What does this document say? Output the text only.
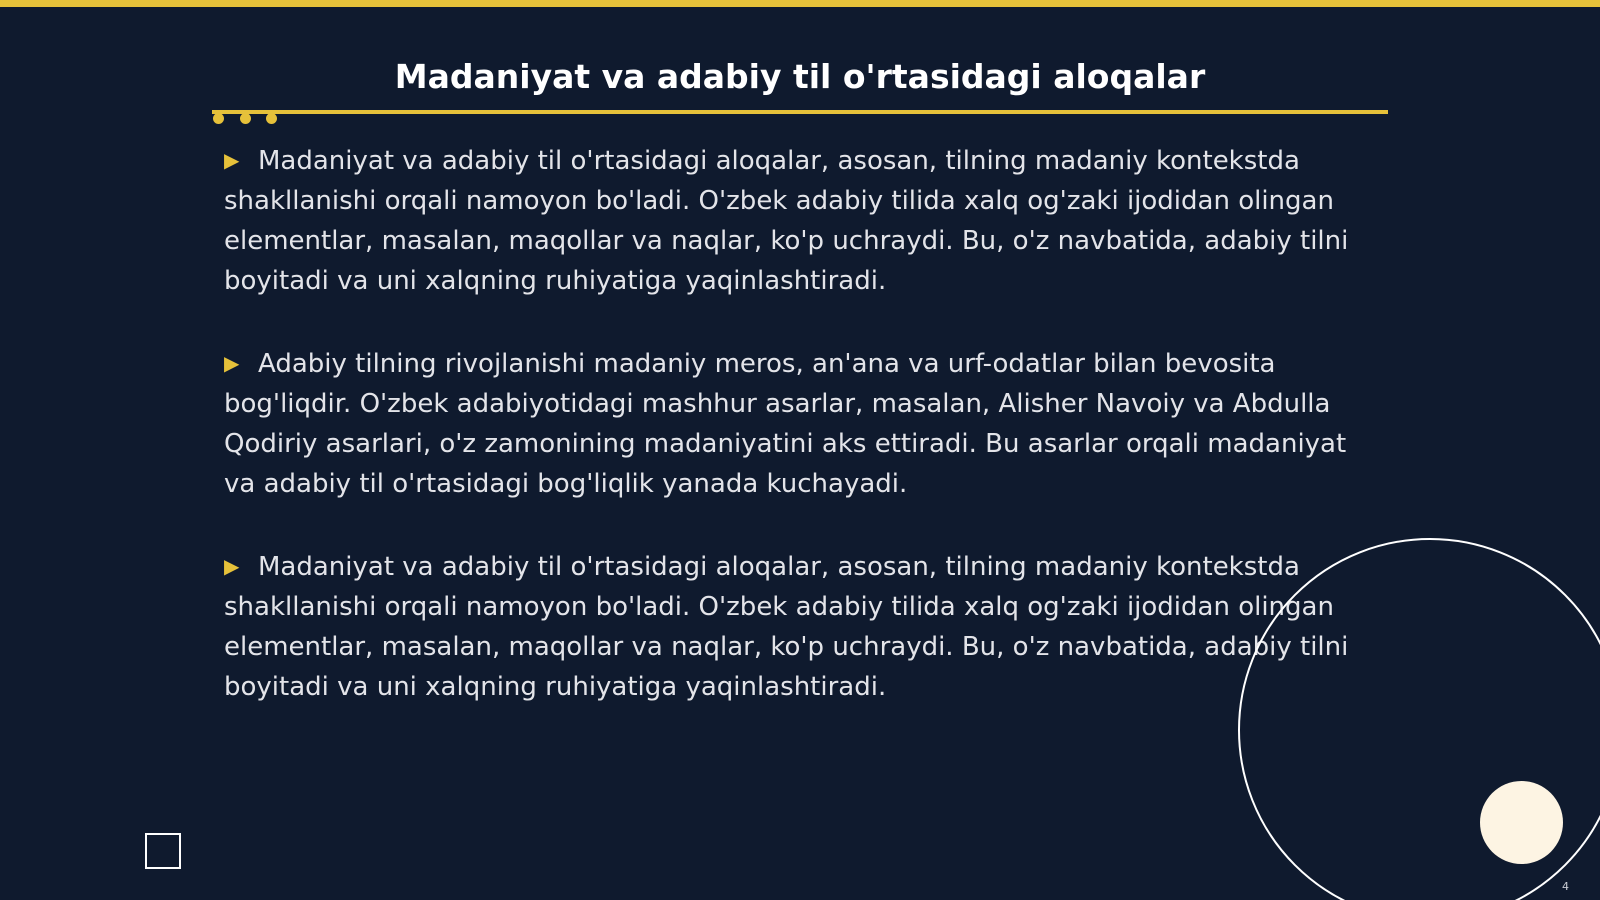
Madaniyat va adabiy til o'rtasidagi aloqalar

▶ Madaniyat va adabiy til o'rtasidagi aloqalar, asosan, tilning madaniy kontekstda shakllanishi orqali namoyon bo'ladi. O'zbek adabiy tilida xalq og'zaki ijodidan olingan elementlar, masalan, maqollar va naqlar, ko'p uchraydi. Bu, o'z navbatida, adabiy tilni boyitadi va uni xalqning ruhiyatiga yaqinlashtiradi.

▶ Adabiy tilning rivojlanishi madaniy meros, an'ana va urf-odatlar bilan bevosita bog'liqdir. O'zbek adabiyotidagi mashhur asarlar, masalan, Alisher Navoiy va Abdulla Qodiriy asarlari, o'z zamonining madaniyatini aks ettiradi. Bu asarlar orqali madaniyat va adabiy til o'rtasidagi bog'liqlik yanada kuchayadi.

▶ Madaniyat va adabiy til o'rtasidagi aloqalar, asosan, tilning madaniy kontekstda shakllanishi orqali namoyon bo'ladi. O'zbek adabiy tilida xalq og'zaki ijodidan olingan elementlar, masalan, maqollar va naqlar, ko'p uchraydi. Bu, o'z navbatida, adabiy tilni boyitadi va uni xalqning ruhiyatiga yaqinlashtiradi.

4
